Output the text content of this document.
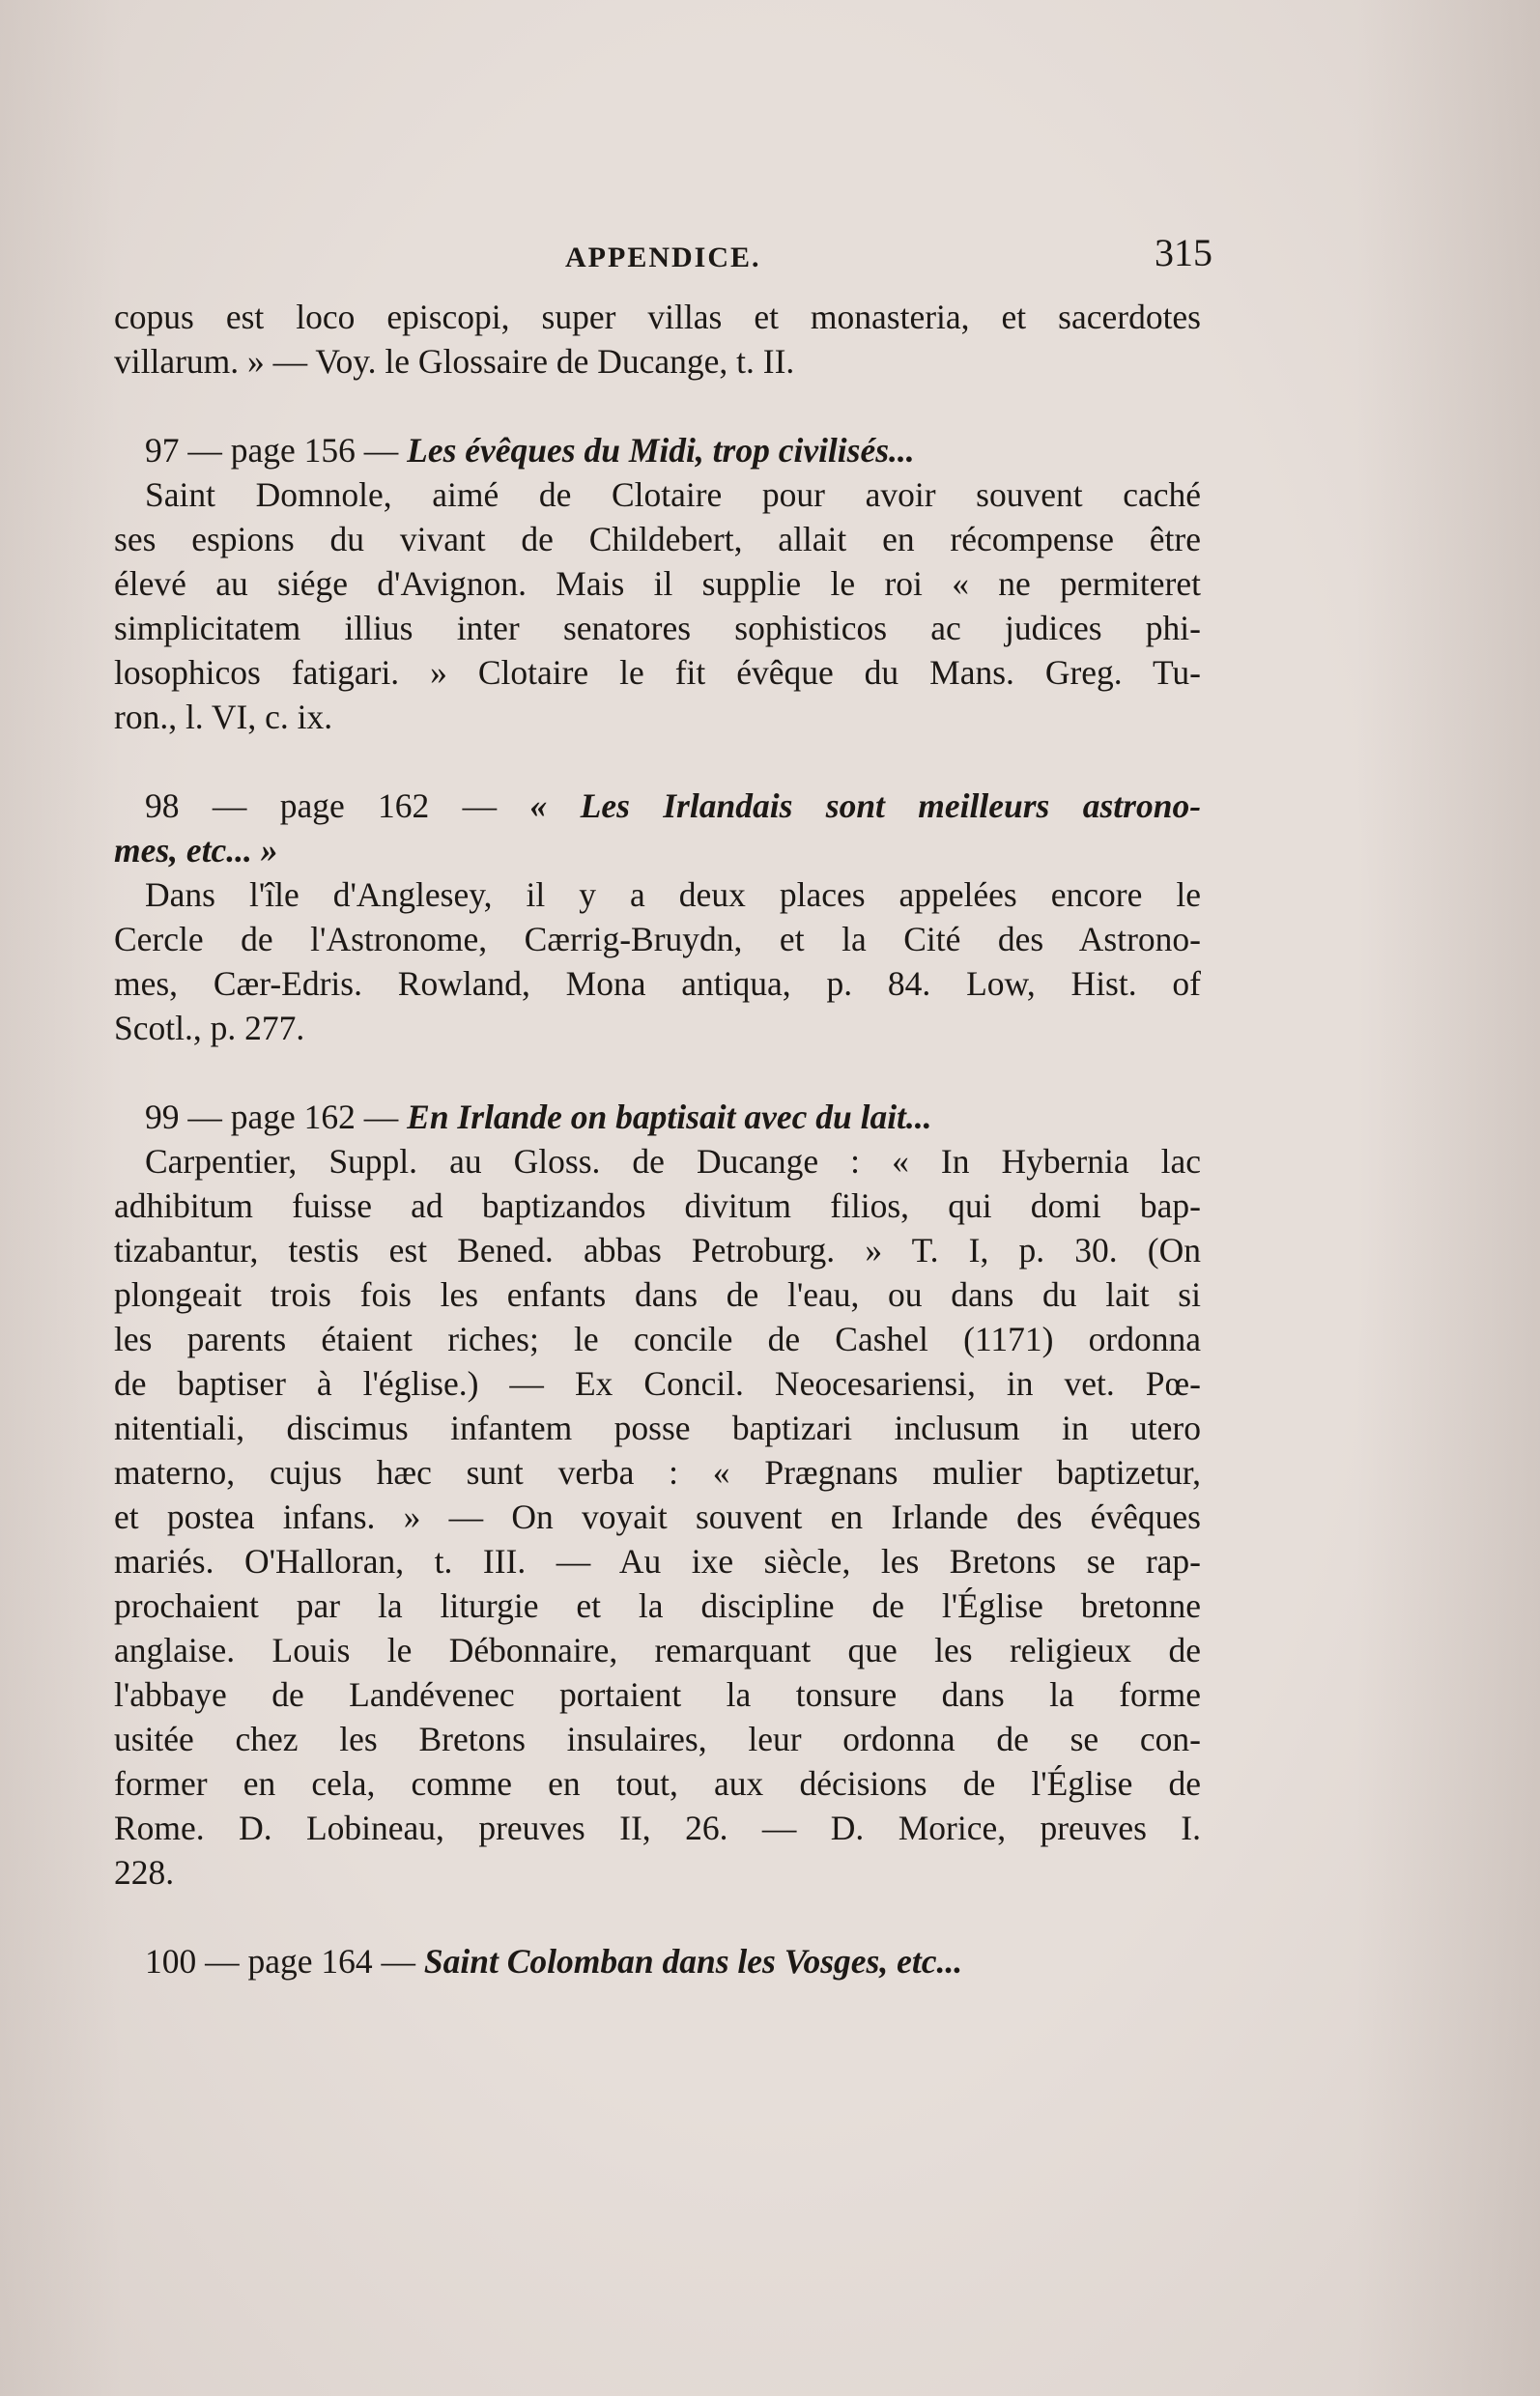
APPENDICE.	315
copus est loco episcopi, super villas et monasteria, et sacerdotes
villarum. » — Voy. le Glossaire de Ducange, t. II.
97 — page 156 — Les évêques du Midi, trop civilisés...
Saint Domnole, aimé de Clotaire pour avoir souvent caché
ses espions du vivant de Childebert, allait en récompense être
élevé au siége d'Avignon. Mais il supplie le roi « ne permiteret
simplicitatem illius inter senatores sophisticos ac judices phi-
losophicos fatigari. » Clotaire le fit évêque du Mans. Greg. Tu-
ron., l. VI, c. ix.
98 — page 162 — « Les Irlandais sont meilleurs astrono-
mes, etc... »
Dans l'île d'Anglesey, il y a deux places appelées encore le
Cercle de l'Astronome, Cærrig-Bruydn, et la Cité des Astrono-
mes, Cær-Edris. Rowland, Mona antiqua, p. 84. Low, Hist. of
Scotl., p. 277.
99 — page 162 — En Irlande on baptisait avec du lait...
Carpentier, Suppl. au Gloss. de Ducange : « In Hybernia lac
adhibitum fuisse ad baptizandos divitum filios, qui domi bap-
tizabantur, testis est Bened. abbas Petroburg. » T. I, p. 30. (On
plongeait trois fois les enfants dans de l'eau, ou dans du lait si
les parents étaient riches; le concile de Cashel (1171) ordonna
de baptiser à l'église.) — Ex Concil. Neocesariensi, in vet. Pœ-
nitentiali, discimus infantem posse baptizari inclusum in utero
materno, cujus hæc sunt verba : « Prægnans mulier baptizetur,
et postea infans. » — On voyait souvent en Irlande des évêques
mariés. O'Halloran, t. III. — Au ixe siècle, les Bretons se rap-
prochaient par la liturgie et la discipline de l'Église bretonne
anglaise. Louis le Débonnaire, remarquant que les religieux de
l'abbaye de Landévenec portaient la tonsure dans la forme
usitée chez les Bretons insulaires, leur ordonna de se con-
former en cela, comme en tout, aux décisions de l'Église de
Rome. D. Lobineau, preuves II, 26. — D. Morice, preuves I.
228.
100 — page 164 — Saint Colomban dans les Vosges, etc...
